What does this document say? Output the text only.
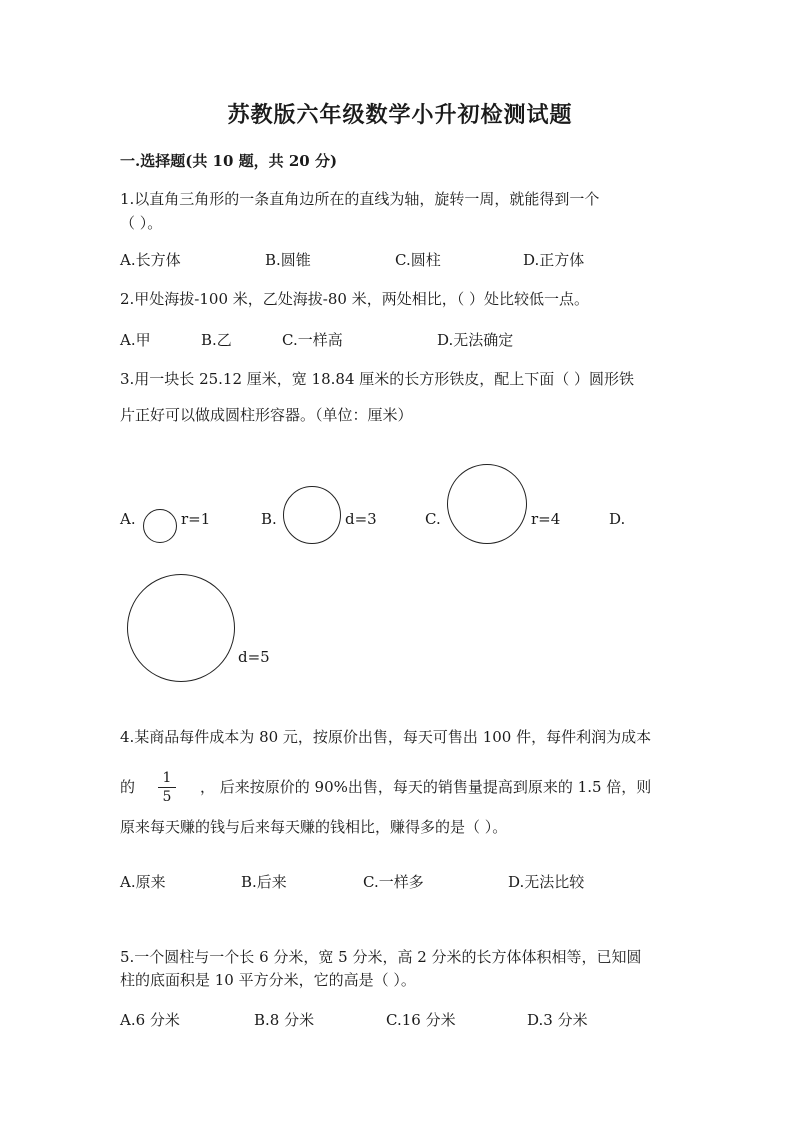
苏教版六年级数学小升初检测试题
一.选择题(共 10 题，共 20 分)
1.以直角三角形的一条直角边所在的直线为轴，旋转一周，就能得到一个
（ ）。
A.长方体	B.圆锥	C.圆柱	D.正方体
2.甲处海拔-100 米，乙处海拔-80 米，两处相比，（ ）处比较低一点。
A.甲	B.乙	C.一样高	D.无法确定
3.用一块长 25.12 厘米，宽 18.84 厘米的长方形铁皮，配上下面（ ）圆形铁
片正好可以做成圆柱形容器。（单位：厘米）
A.	r=1	B.	d=3	C.	r=4	D.
d=5
4.某商品每件成本为 80 元，按原价出售，每天可售出 100 件，每件利润为成本
的	1
5
， 后来按原价的 90%出售，每天的销售量提高到原来的 1.5 倍，则
原来每天赚的钱与后来每天赚的钱相比，赚得多的是（ ）。
A.原来	B.后来	C.一样多	D.无法比较
5.一个圆柱与一个长 6 分米，宽 5 分米，高 2 分米的长方体体积相等，已知圆
柱的底面积是 10 平方分米，它的高是（ ）。
A.6 分米	B.8 分米	C.16 分米	D.3 分米
